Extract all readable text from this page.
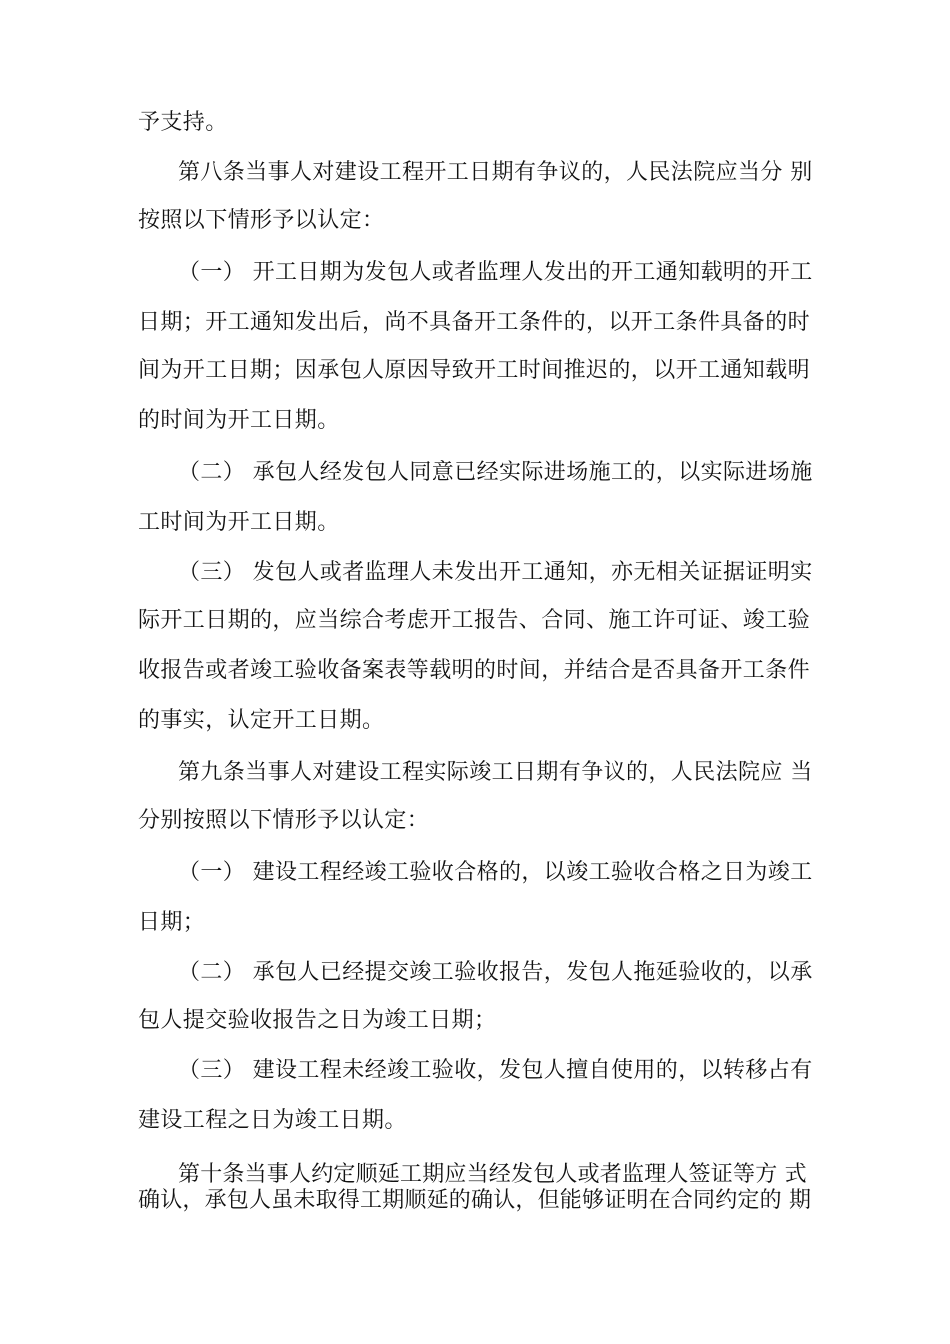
予支持。
第八条当事人对建设工程开工日期有争议的，人民法院应当分 别
按照以下情形予以认定：
（一） 开工日期为发包人或者监理人发出的开工通知载明的开工
日期；开工通知发出后，尚不具备开工条件的，以开工条件具备的时
间为开工日期；因承包人原因导致开工时间推迟的，以开工通知载明
的时间为开工日期。
（二） 承包人经发包人同意已经实际进场施工的，以实际进场施
工时间为开工日期。
（三） 发包人或者监理人未发出开工通知，亦无相关证据证明实
际开工日期的，应当综合考虑开工报告、合同、施工许可证、竣工验
收报告或者竣工验收备案表等载明的时间，并结合是否具备开工条件
的事实，认定开工日期。
第九条当事人对建设工程实际竣工日期有争议的，人民法院应 当
分别按照以下情形予以认定：
（一） 建设工程经竣工验收合格的，以竣工验收合格之日为竣工
日期；
（二） 承包人已经提交竣工验收报告，发包人拖延验收的，以承
包人提交验收报告之日为竣工日期；
（三） 建设工程未经竣工验收，发包人擅自使用的，以转移占有
建设工程之日为竣工日期。
第十条当事人约定顺延工期应当经发包人或者监理人签证等方 式
确认，承包人虽未取得工期顺延的确认，但能够证明在合同约定的 期
